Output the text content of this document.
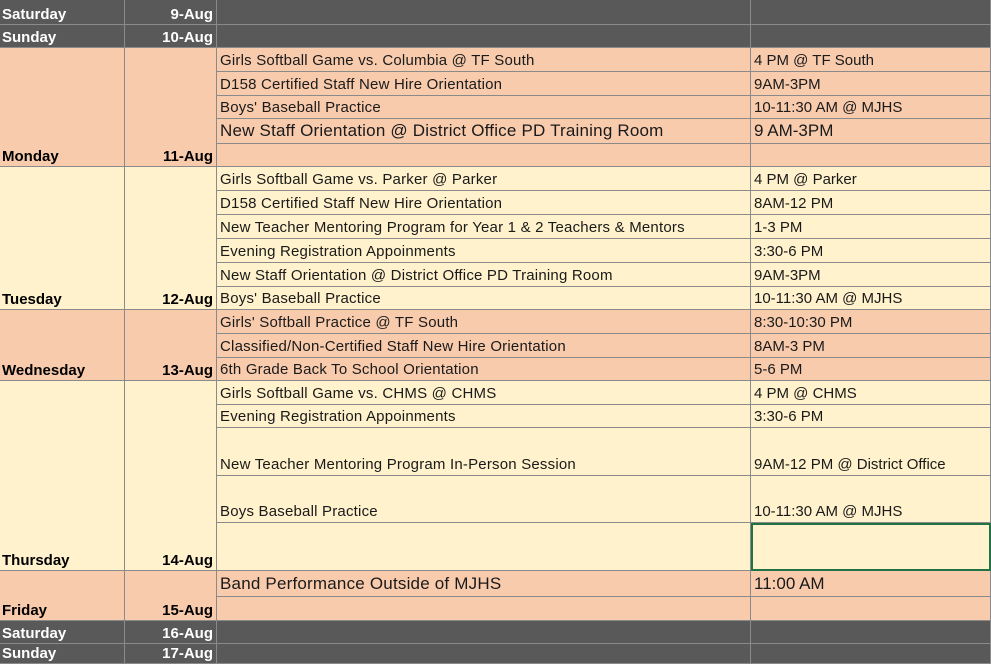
Saturday	9-Aug
Sunday	10-Aug
Monday	11-Aug
Girls Softball Game vs. Columbia @ TF South	4 PM @ TF South
D158 Certified Staff New Hire Orientation	9AM-3PM
Boys' Baseball Practice	10-11:30 AM @ MJHS
New Staff Orientation @ District Office PD Training Room	9 AM-3PM
Tuesday	12-Aug
Girls Softball Game vs. Parker @ Parker	4 PM @ Parker
D158 Certified Staff New Hire Orientation	8AM-12 PM
New Teacher Mentoring Program for Year 1 & 2 Teachers & Mentors	1-3 PM
Evening Registration Appoinments	3:30-6 PM
New Staff Orientation @ District Office PD Training Room	9AM-3PM
Boys' Baseball Practice	10-11:30 AM @ MJHS
Wednesday	13-Aug
Girls' Softball Practice @ TF South	8:30-10:30 PM
Classified/Non-Certified Staff New Hire Orientation	8AM-3 PM
6th Grade Back To School Orientation	5-6 PM
Thursday	14-Aug
Girls Softball Game vs. CHMS @ CHMS	4 PM @ CHMS
Evening Registration Appoinments	3:30-6 PM
New Teacher Mentoring Program In-Person Session	9AM-12 PM @ District Office
Boys Baseball Practice	10-11:30 AM @ MJHS
Friday	15-Aug
Band Performance Outside of MJHS	11:00 AM
Saturday	16-Aug
Sunday	17-Aug
